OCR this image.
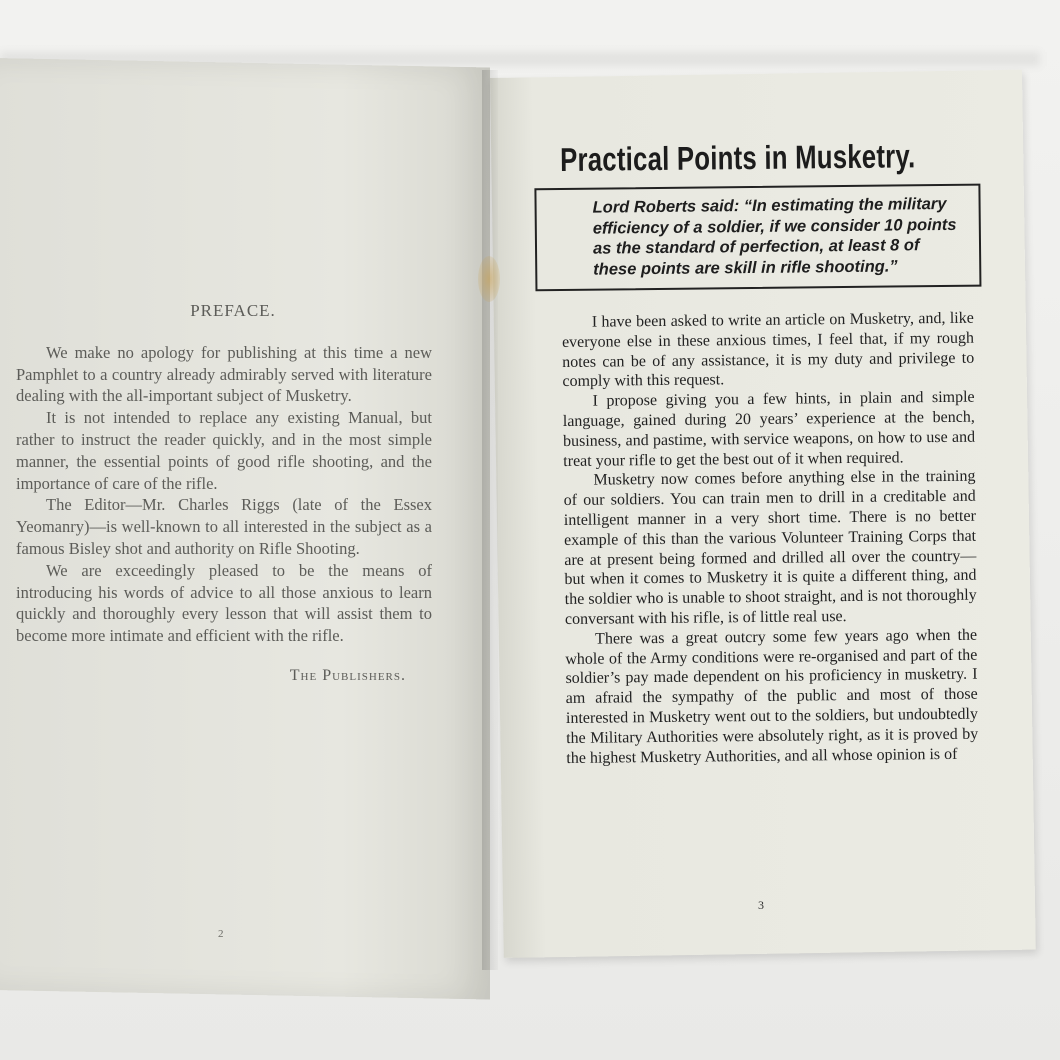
PREFACE.

We make no apology for publishing at this time a new Pamphlet to a country already admirably served with literature dealing with the all-important subject of Musketry.

It is not intended to replace any existing Manual, but rather to instruct the reader quickly, and in the most simple manner, the essential points of good rifle shooting, and the importance of care of the rifle.

The Editor—Mr. Charles Riggs (late of the Essex Yeomanry)—is well-known to all interested in the subject as a famous Bisley shot and authority on Rifle Shooting.

We are exceedingly pleased to be the means of introducing his words of advice to all those anxious to learn quickly and thoroughly every lesson that will assist them to become more intimate and efficient with the rifle.

The Publishers.
2
Practical Points in Musketry.
Lord Roberts said: “In estimating the military efficiency of a soldier, if we consider 10 points as the standard of perfection, at least 8 of these points are skill in rifle shooting.”

I have been asked to write an article on Musketry, and, like everyone else in these anxious times, I feel that, if my rough notes can be of any assistance, it is my duty and privilege to comply with this request.

I propose giving you a few hints, in plain and simple language, gained during 20 years’ experience at the bench, business, and pastime, with service weapons, on how to use and treat your rifle to get the best out of it when required.

Musketry now comes before anything else in the training of our soldiers. You can train men to drill in a creditable and intelligent manner in a very short time. There is no better example of this than the various Volunteer Training Corps that are at present being formed and drilled all over the country—but when it comes to Musketry it is quite a different thing, and the soldier who is unable to shoot straight, and is not thoroughly conversant with his rifle, is of little real use.

There was a great outcry some few years ago when the whole of the Army conditions were re-organised and part of the soldier’s pay made dependent on his proficiency in musketry. I am afraid the sympathy of the public and most of those interested in Musketry went out to the soldiers, but undoubtedly the Military Authorities were absolutely right, as it is proved by the highest Musketry Authorities, and all whose opinion is of

3
